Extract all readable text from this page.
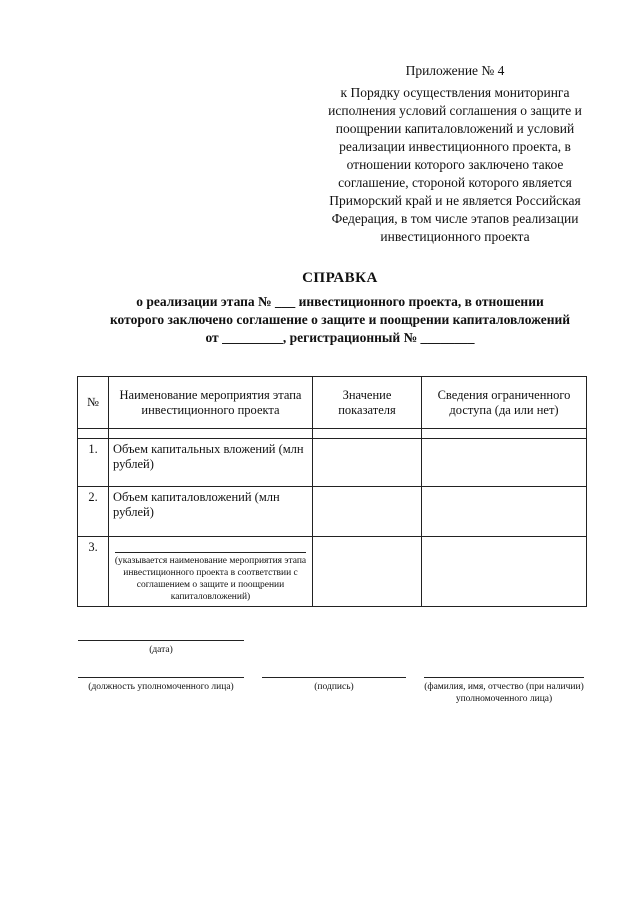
Приложение № 4
к Порядку осуществления мониторинга
исполнения условий соглашения о защите и
поощрении капиталовложений и условий
реализации инвестиционного проекта, в
отношении которого заключено такое
соглашение, стороной которого является
Приморский край и не является Российская
Федерация, в том числе этапов реализации
инвестиционного проекта
СПРАВКА
о реализации этапа № ___ инвестиционного проекта, в отношении
которого заключено соглашение о защите и поощрении капиталовложений
от _________, регистрационный № ________
№	Наименование мероприятия этапа инвестиционного проекта	Значение показателя	Сведения ограниченного доступа (да или нет)

1.	Объем капитальных вложений (млн рублей)		
2.	Объем капиталовложений (млн рублей)		
3.	(указывается наименование мероприятия этапа инвестиционного проекта в соответствии с соглашением о защите и поощрении капиталовложений)		

(дата)
(должность уполномоченного лица)	(подпись)	(фамилия, имя, отчество (при наличии) уполномоченного лица)
